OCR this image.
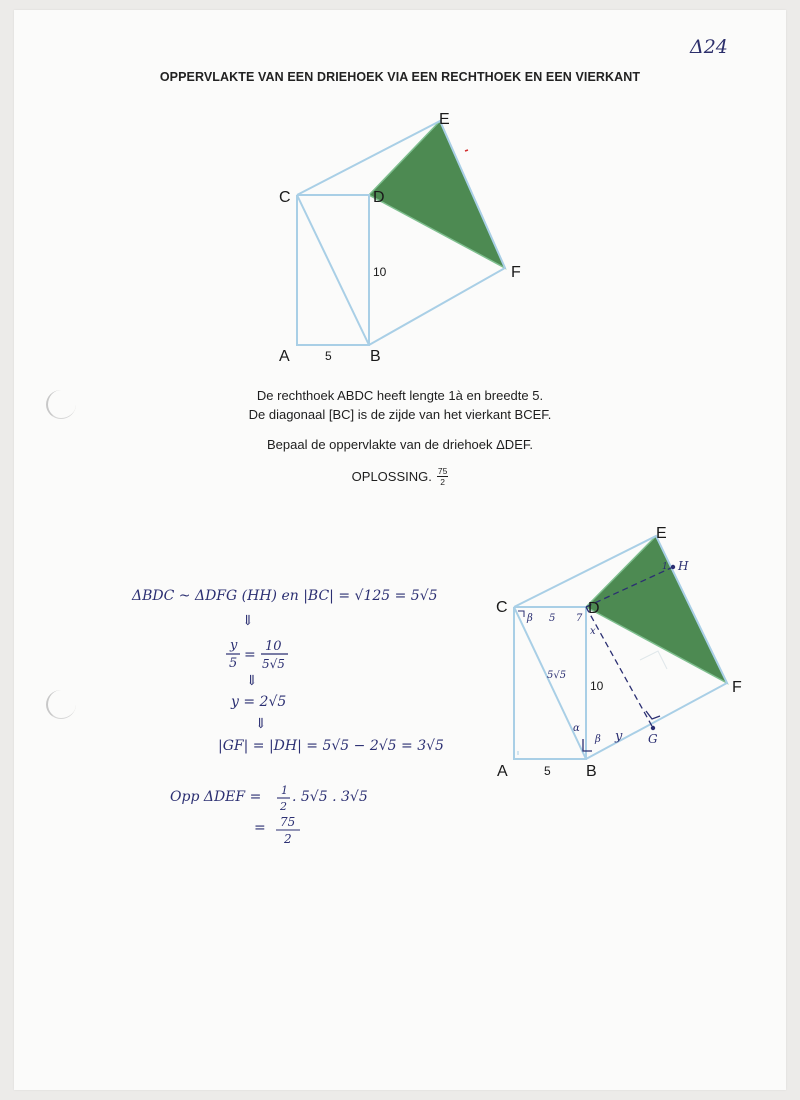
Δ24
OPPERVLAKTE VAN EEN DRIEHOEK VIA EEN RECHTHOEK EN EEN VIERKANT
De rechthoek ABDC heeft lengte 1à en breedte 5.
De diagonaal [BC] is de zijde van het vierkant BCEF.
Bepaal de oppervlakte van de driehoek ΔDEF.
OPLOSSING. $\frac{75}{2}$
C	D
E
F
A	B
5
10
ΔBDC ~ ΔDFG (HH) en |BC| = √125 = 5√5
⇓
y
5
=
10
5√5
⇓
y = 2√5
⇓
|GF| = |DH| = 5√5 − 2√5 = 3√5
Opp ΔDEF = 1
2
. 5√5 . 3√5
= 75
2
C	D
E
F
A	B
5
10
H
G
1
β 5 7
x
5√5
α
β y
